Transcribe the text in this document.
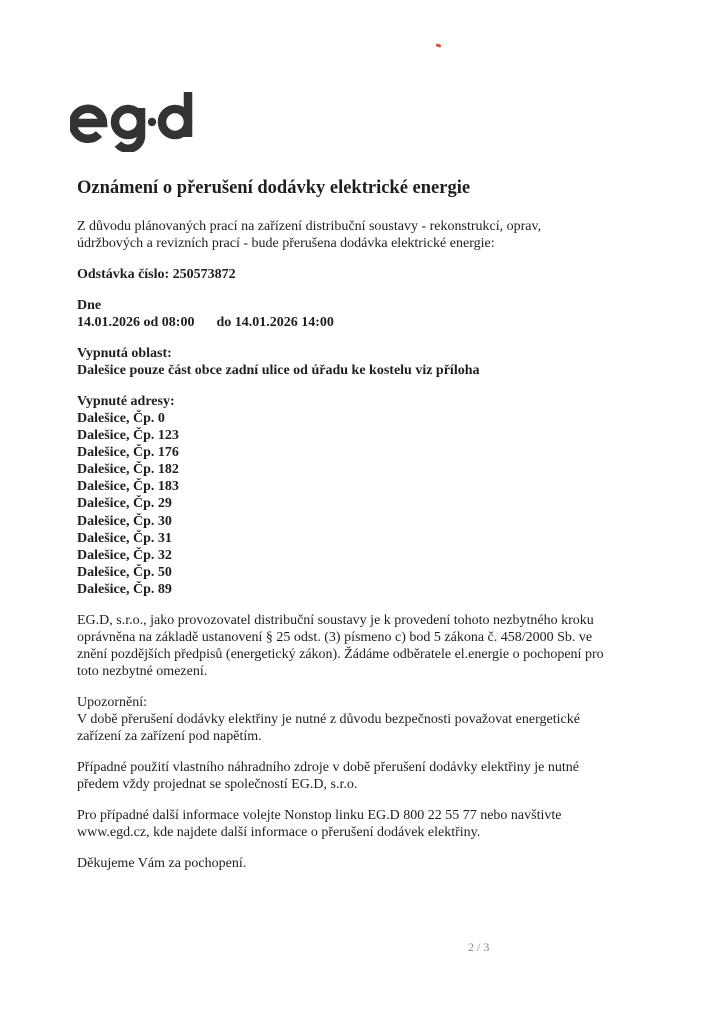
Oznámení o přerušení dodávky elektrické energie
Z důvodu plánovaných prací na zařízení distribuční soustavy - rekonstrukcí, oprav,
údržbových a revizních prací - bude přerušena dodávka elektrické energie:
Odstávka číslo: 250573872
Dne
14.01.2026 od 08:00 do 14.01.2026 14:00
Vypnutá oblast:
Dalešice pouze část obce zadní ulice od úřadu ke kostelu viz příloha
Vypnuté adresy:
Dalešice, Čp. 0
Dalešice, Čp. 123
Dalešice, Čp. 176
Dalešice, Čp. 182
Dalešice, Čp. 183
Dalešice, Čp. 29
Dalešice, Čp. 30
Dalešice, Čp. 31
Dalešice, Čp. 32
Dalešice, Čp. 50
Dalešice, Čp. 89
EG.D, s.r.o., jako provozovatel distribuční soustavy je k provedení tohoto nezbytného kroku
oprávněna na základě ustanovení § 25 odst. (3) písmeno c) bod 5 zákona č. 458/2000 Sb. ve
znění pozdějších předpisů (energetický zákon). Žádáme odběratele el.energie o pochopení pro
toto nezbytné omezení.
Upozornění:
V době přerušení dodávky elektřiny je nutné z důvodu bezpečnosti považovat energetické
zařízení za zařízení pod napětím.
Případné použití vlastního náhradního zdroje v době přerušení dodávky elektřiny je nutné
předem vždy projednat se společností EG.D, s.r.o.
Pro případné další informace volejte Nonstop linku EG.D 800 22 55 77 nebo navštivte
www.egd.cz, kde najdete další informace o přerušení dodávek elektřiny.
Děkujeme Vám za pochopení.
2 / 3
